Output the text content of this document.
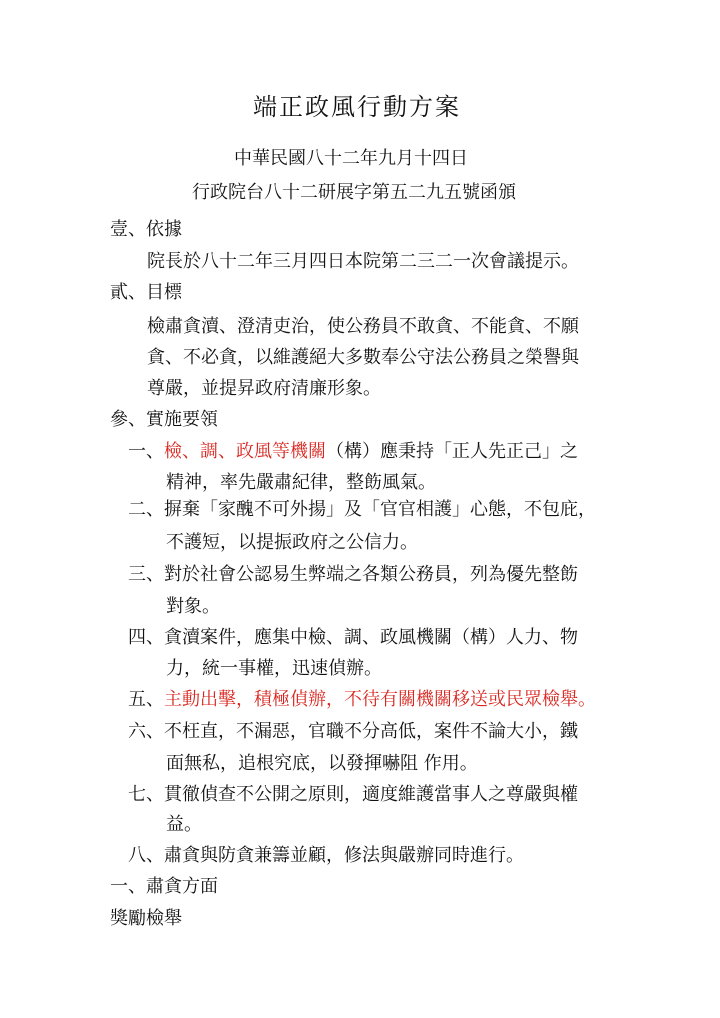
端正政風行動方案
中華民國八十二年九月十四日
行政院台八十二研展字第五二九五號函頒
壹、依據
院長於八十二年三月四日本院第二三二一次會議提示。
貳、目標
檢肅貪瀆、澄清吏治，使公務員不敢貪、不能貪、不願
貪、不必貪，以維護絕大多數奉公守法公務員之榮譽與
尊嚴，並提昇政府清廉形象。
參、實施要領
一、檢、調、政風等機關（構）應秉持「正人先正己」之
精神，率先嚴肅紀律，整飭風氣。
二、摒棄「家醜不可外揚」及「官官相護」心態，不包庇，
不護短，以提振政府之公信力。
三、對於社會公認易生弊端之各類公務員，列為優先整飭
對象。
四、貪瀆案件，應集中檢、調、政風機關（構）人力、物
力，統一事權，迅速偵辦。
五、主動出擊，積極偵辦，不待有關機關移送或民眾檢舉。
六、不枉直，不漏惡，官職不分高低，案件不論大小，鐵
面無私，追根究底，以發揮嚇阻 作用。
七、貫徹偵查不公開之原則，適度維護當事人之尊嚴與權
益。
八、肅貪與防貪兼籌並顧，修法與嚴辦同時進行。
一、肅貪方面
獎勵檢舉
